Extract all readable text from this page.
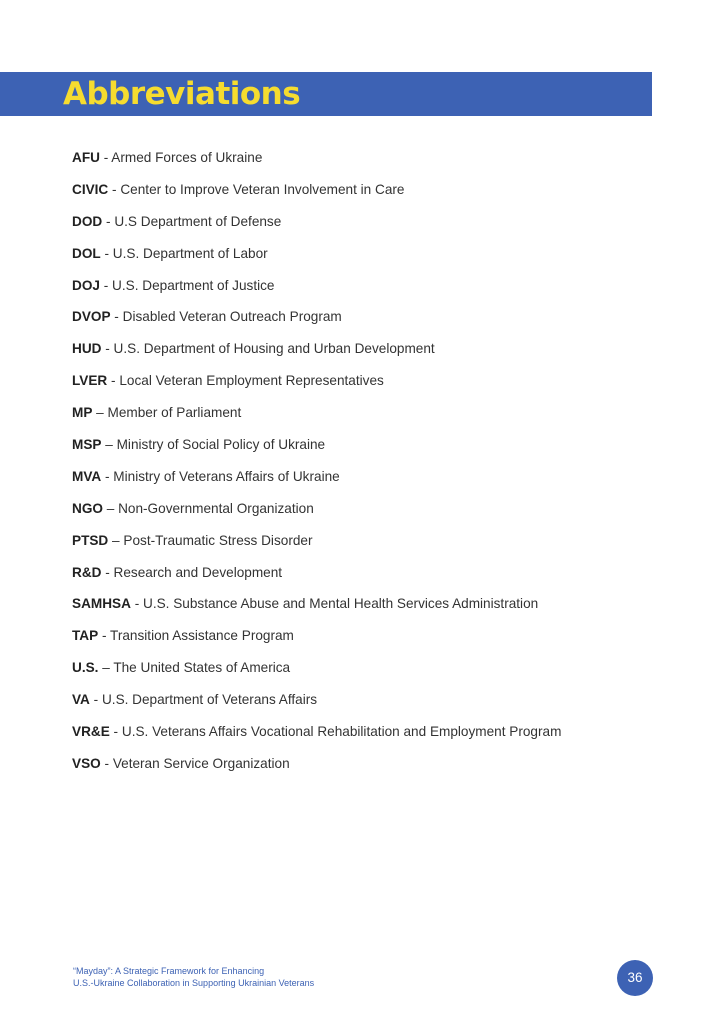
Abbreviations
AFU - Armed Forces of Ukraine
CIVIC - Center to Improve Veteran Involvement in Care
DOD - U.S Department of Defense
DOL - U.S. Department of Labor
DOJ - U.S. Department of Justice
DVOP - Disabled Veteran Outreach Program
HUD - U.S. Department of Housing and Urban Development
LVER - Local Veteran Employment Representatives
MP – Member of Parliament
MSP – Ministry of Social Policy of Ukraine
MVA - Ministry of Veterans Affairs of Ukraine
NGO – Non-Governmental Organization
PTSD – Post-Traumatic Stress Disorder
R&D - Research and Development
SAMHSA - U.S. Substance Abuse and Mental Health Services Administration
TAP - Transition Assistance Program
U.S. – The United States of America
VA - U.S. Department of Veterans Affairs
VR&E - U.S. Veterans Affairs Vocational Rehabilitation and Employment Program
VSO - Veteran Service Organization
“Mayday”: A Strategic Framework for Enhancing
U.S.-Ukraine Collaboration in Supporting Ukrainian Veterans	36
